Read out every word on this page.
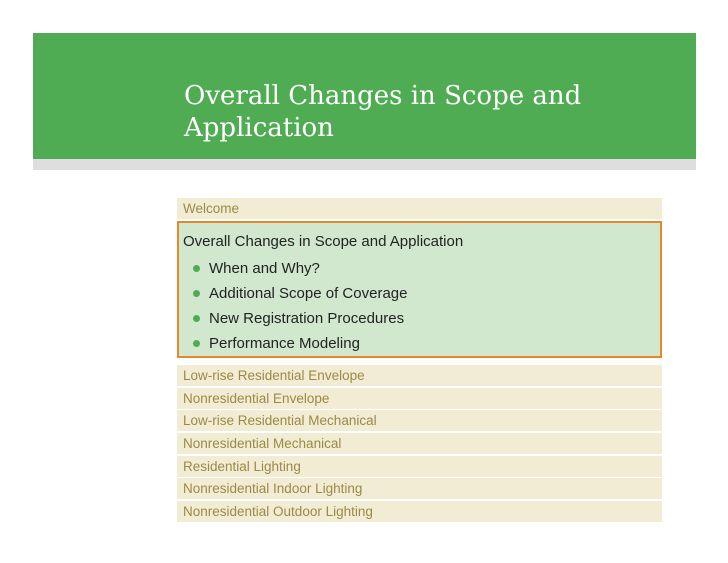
Overall Changes in Scope and Application
Welcome
Overall Changes in Scope and Application
When and Why?
Additional Scope of Coverage
New Registration Procedures
Performance Modeling
Low-rise Residential Envelope
Nonresidential Envelope
Low-rise Residential Mechanical
Nonresidential Mechanical
Residential Lighting
Nonresidential Indoor Lighting
Nonresidential Outdoor Lighting
